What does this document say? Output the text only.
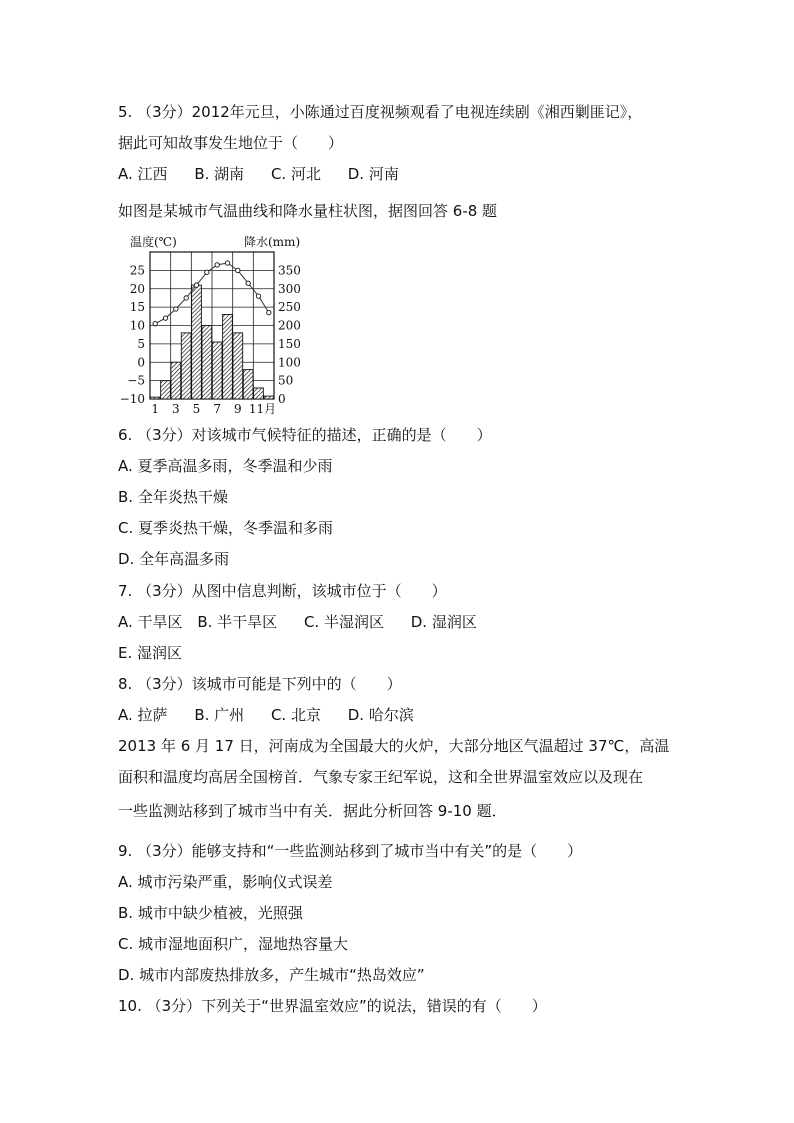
5. （3分）2012年元旦，小陈通过百度视频观看了电视连续剧《湘西剿匪记》，
据此可知故事发生地位于（　　）
A. 江西 B. 湖南 C. 河北 D. 河南
如图是某城市气温曲线和降水量柱状图，据图回答 6-8 题
温度(℃)	降水(mm)
25
20
15
10
5
0
−5
−10
350
300
250
200
150
100
50
0
1 3 5 7 9 11月
6. （3分）对该城市气候特征的描述，正确的是（　　）
A. 夏季高温多雨，冬季温和少雨
B. 全年炎热干燥
C. 夏季炎热干燥，冬季温和多雨
D. 全年高温多雨
7. （3分）从图中信息判断，该城市位于（　　）
A. 干旱区 B. 半干旱区 C. 半湿润区 D. 湿润区
E. 湿润区
8. （3分）该城市可能是下列中的（　　）
A. 拉萨 B. 广州 C. 北京 D. 哈尔滨
2013 年 6 月 17 日，河南成为全国最大的火炉，大部分地区气温超过 37℃，高温
面积和温度均高居全国榜首．气象专家王纪军说，这和全世界温室效应以及现在
一些监测站移到了城市当中有关．据此分析回答 9-10 题．
9. （3分）能够支持和“一些监测站移到了城市当中有关”的是（　　）
A. 城市污染严重，影响仪式误差
B. 城市中缺少植被，光照强
C. 城市湿地面积广，湿地热容量大
D. 城市内部废热排放多，产生城市“热岛效应”
10. （3分）下列关于“世界温室效应”的说法，错误的有（　　）
